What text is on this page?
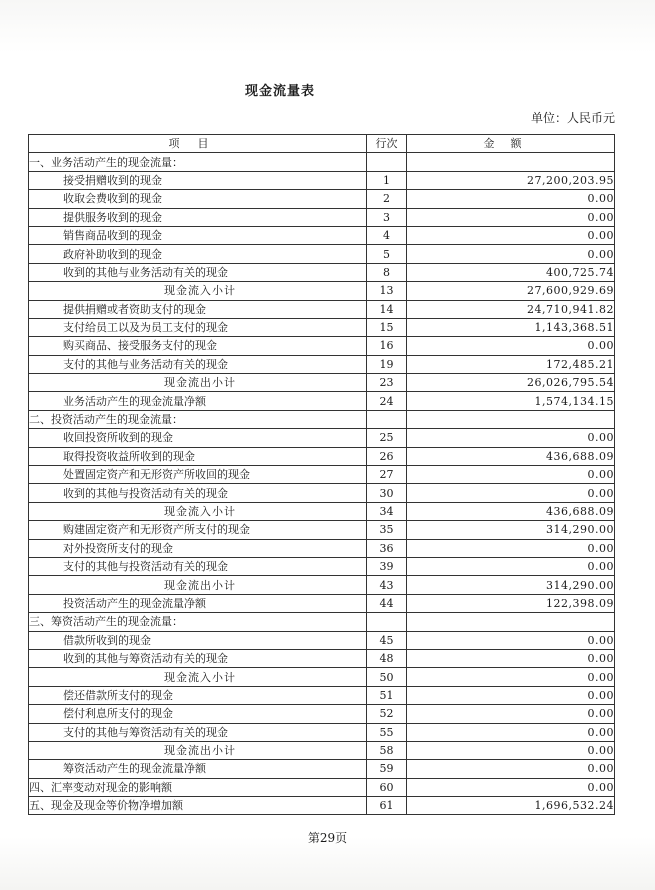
现金流量表
单位：人民币元
项目	行次	金额
一、业务活动产生的现金流量：		
接受捐赠收到的现金	1	27,200,203.95
收取会费收到的现金	2	0.00
提供服务收到的现金	3	0.00
销售商品收到的现金	4	0.00
政府补助收到的现金	5	0.00
收到的其他与业务活动有关的现金	8	400,725.74
现金流入小计	13	27,600,929.69
提供捐赠或者资助支付的现金	14	24,710,941.82
支付给员工以及为员工支付的现金	15	1,143,368.51
购买商品、接受服务支付的现金	16	0.00
支付的其他与业务活动有关的现金	19	172,485.21
现金流出小计	23	26,026,795.54
业务活动产生的现金流量净额	24	1,574,134.15
二、投资活动产生的现金流量：		
收回投资所收到的现金	25	0.00
取得投资收益所收到的现金	26	436,688.09
处置固定资产和无形资产所收回的现金	27	0.00
收到的其他与投资活动有关的现金	30	0.00
现金流入小计	34	436,688.09
购建固定资产和无形资产所支付的现金	35	314,290.00
对外投资所支付的现金	36	0.00
支付的其他与投资活动有关的现金	39	0.00
现金流出小计	43	314,290.00
投资活动产生的现金流量净额	44	122,398.09
三、筹资活动产生的现金流量：		
借款所收到的现金	45	0.00
收到的其他与筹资活动有关的现金	48	0.00
现金流入小计	50	0.00
偿还借款所支付的现金	51	0.00
偿付利息所支付的现金	52	0.00
支付的其他与筹资活动有关的现金	55	0.00
现金流出小计	58	0.00
筹资活动产生的现金流量净额	59	0.00
四、汇率变动对现金的影响额	60	0.00
五、现金及现金等价物净增加额	61	1,696,532.24
第29页
